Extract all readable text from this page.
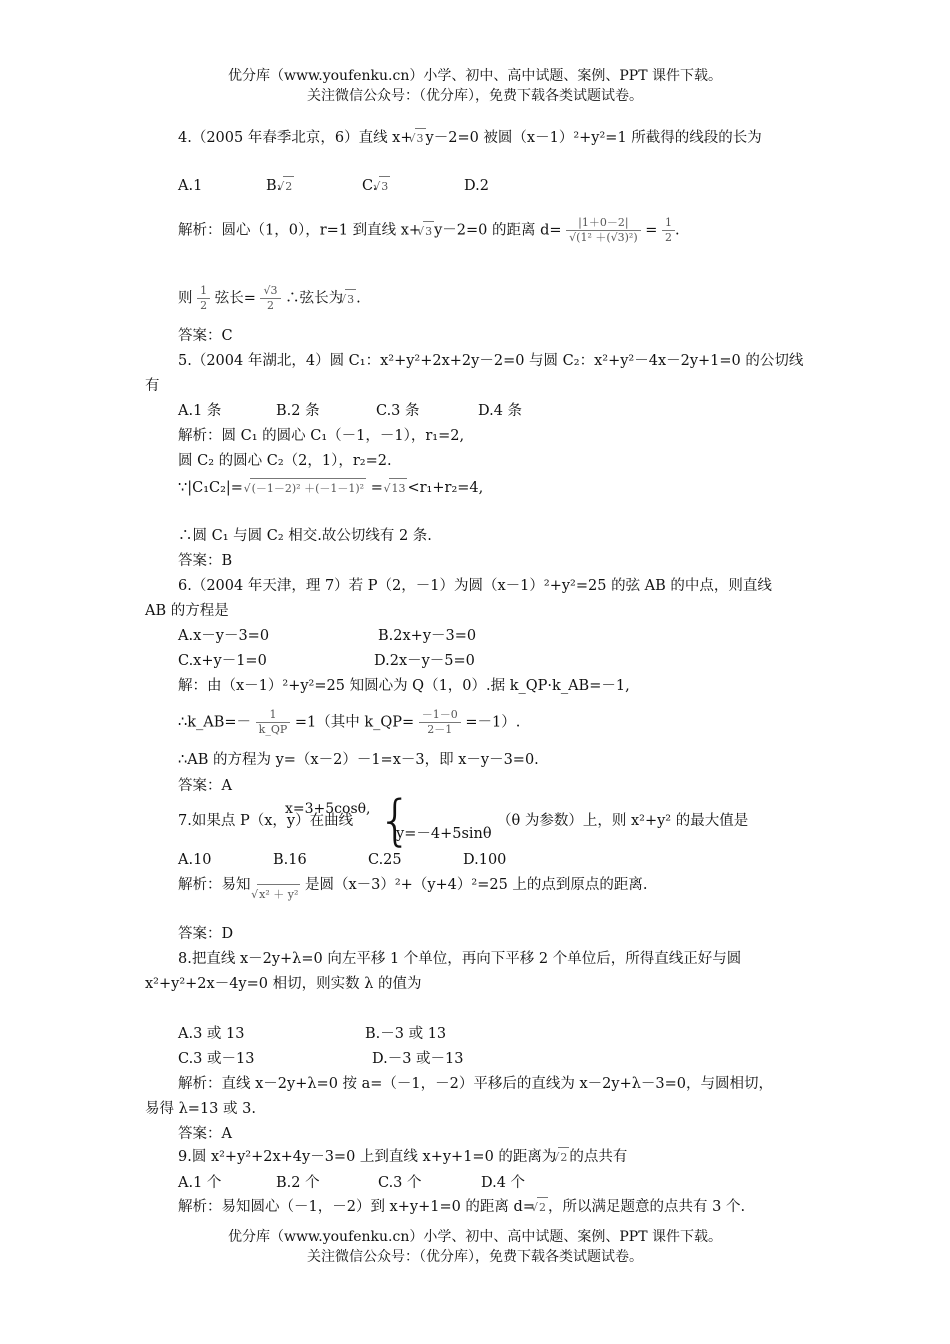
优分库（www.youfenku.cn）小学、初中、高中试题、案例、PPT 课件下载。
关注微信公众号：（优分库），免费下载各类试题试卷。
4.（2005 年春季北京，6）直线 x+ √ 3 y－2=0 被圆（x－1）²+y²=1 所截得的线段的长为
A.1	B. √ 2	C. √ 3	D.2
解析：圆心（1，0），r=1 到直线 x+ √ 3 y－2=0 的距离 $d= \frac{|1+0-2|}{\text{√(1² ＋(√3)²)}} = \frac{1}{2}$ .
则 $\frac{1}{2}$ 弦长= $\frac{√3}{2}$ ∴弦长为 √ 3 .
答案：C
5.（2004 年湖北，4）圆 C₁：x²+y²+2x+2y－2=0 与圆 C₂：x²+y²－4x－2y+1=0 的公切线
有
A.1 条	B.2 条	C.3 条	D.4 条
解析：圆 C₁ 的圆心 C₁（－1，－1），r₁=2,
圆 C₂ 的圆心 C₂（2，1），r₂=2.
∵|C₁C₂|= √ (－1－2)² ＋(－1－1)² = √ 13 <r₁+r₂=4,
∴圆 C₁ 与圆 C₂ 相交.故公切线有 2 条.
答案：B
6.（2004 年天津，理 7）若 P（2，－1）为圆（x－1）²+y²=25 的弦 AB 的中点，则直线
AB 的方程是
A.x－y－3=0	B.2x+y－3=0
C.x+y－1=0	D.2x－y－5=0
解：由（x－1）²+y²=25 知圆心为 Q（1，0）.据 k_QP·k_AB=－1,
∴k_AB=－ $\frac{1}{k\_QP} =1$（其中 k_QP= $\frac{-1-0}{2-1} =-1$）.
∴AB 的方程为 y=（x－2）－1=x－3，即 x－y－3=0.
答案：A
x=3+5cosθ, {
7.如果点 P（x，y）在曲线	（θ 为参数）上，则 x²+y² 的最大值是
y=－4+5sinθ
A.10	B.16	C.25	D.100
解析：易知 √ x² ＋ y² 是圆（x－3）²+（y+4）²=25 上的点到原点的距离.
答案：D
8.把直线 x－2y+λ=0 向左平移 1 个单位，再向下平移 2 个单位后，所得直线正好与圆
x²+y²+2x－4y=0 相切，则实数 λ 的值为
A.3 或 13	B.－3 或 13
C.3 或－13	D.－3 或－13
解析：直线 x－2y+λ=0 按 a=（－1，－2）平移后的直线为 x－2y+λ－3=0，与圆相切，
易得 λ=13 或 3.
答案：A
9.圆 x²+y²+2x+4y－3=0 上到直线 x+y+1=0 的距离为 √ 2 的点共有
A.1 个	B.2 个	C.3 个	D.4 个
解析：易知圆心（－1，－2）到 x+y+1=0 的距离 d= √ 2 ，所以满足题意的点共有 3 个.
优分库（www.youfenku.cn）小学、初中、高中试题、案例、PPT 课件下载。
关注微信公众号：（优分库），免费下载各类试题试卷。
